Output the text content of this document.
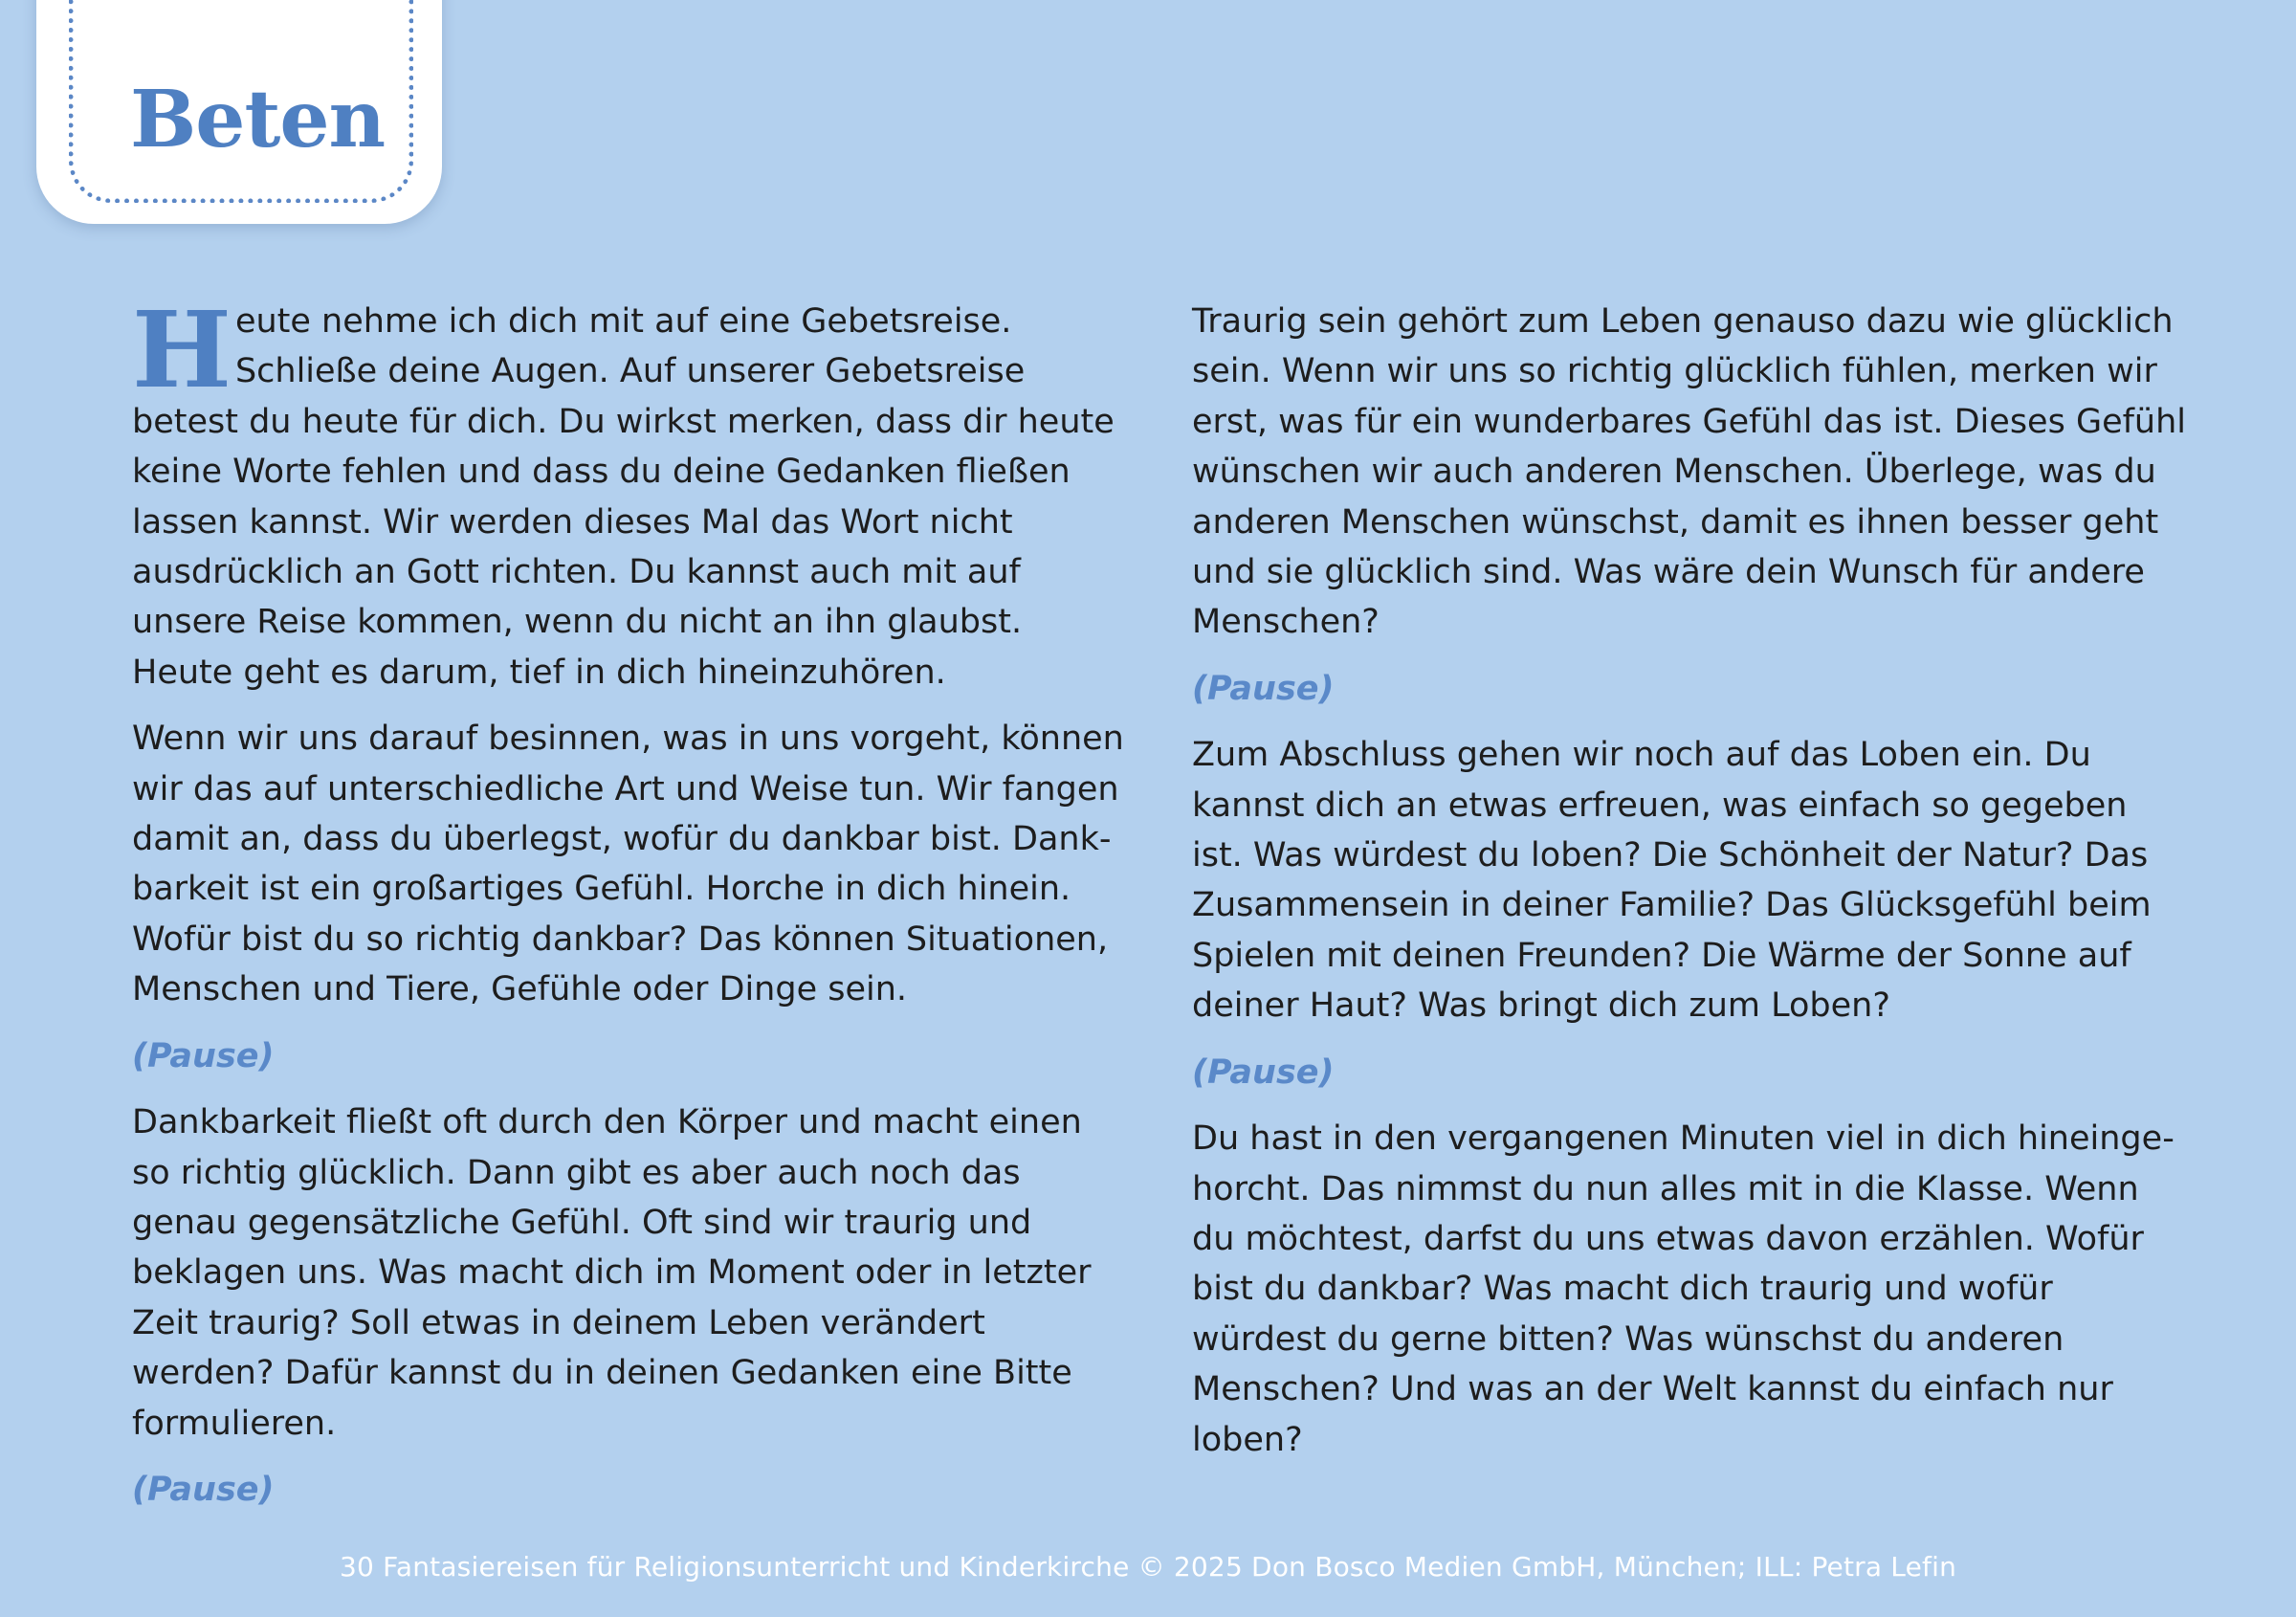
Beten

Heute nehme ich dich mit auf eine Gebetsreise. Schließe deine Augen. Auf unserer Gebetsreise betest du heute für dich. Du wirkst merken, dass dir heute keine Worte fehlen und dass du deine Gedanken fließen lassen kannst. Wir werden dieses Mal das Wort nicht ausdrücklich an Gott richten. Du kannst auch mit auf unsere Reise kommen, wenn du nicht an ihn glaubst. Heute geht es darum, tief in dich hineinzuhören.

Wenn wir uns darauf besinnen, was in uns vorgeht, können wir das auf unterschiedliche Art und Weise tun. Wir fangen damit an, dass du überlegst, wofür du dankbar bist. Dankbarkeit ist ein großartiges Gefühl. Horche in dich hinein. Wofür bist du so richtig dankbar? Das können Situationen, Menschen und Tiere, Gefühle oder Dinge sein.

(Pause)

Dankbarkeit fließt oft durch den Körper und macht einen so richtig glücklich. Dann gibt es aber auch noch das genau gegensätzliche Gefühl. Oft sind wir traurig und beklagen uns. Was macht dich im Moment oder in letzter Zeit traurig? Soll etwas in deinem Leben verändert werden? Dafür kannst du in deinen Gedanken eine Bitte formulieren.

(Pause)

Traurig sein gehört zum Leben genauso dazu wie glücklich sein. Wenn wir uns so richtig glücklich fühlen, merken wir erst, was für ein wunderbares Gefühl das ist. Dieses Gefühl wünschen wir auch anderen Menschen. Überlege, was du anderen Menschen wünschst, damit es ihnen besser geht und sie glücklich sind. Was wäre dein Wunsch für andere Menschen?

(Pause)

Zum Abschluss gehen wir noch auf das Loben ein. Du kannst dich an etwas erfreuen, was einfach so gegeben ist. Was würdest du loben? Die Schönheit der Natur? Das Zusammensein in deiner Familie? Das Glücksgefühl beim Spielen mit deinen Freunden? Die Wärme der Sonne auf deiner Haut? Was bringt dich zum Loben?

(Pause)

Du hast in den vergangenen Minuten viel in dich hineingehorcht. Das nimmst du nun alles mit in die Klasse. Wenn du möchtest, darfst du uns etwas davon erzählen. Wofür bist du dankbar? Was macht dich traurig und wofür würdest du gerne bitten? Was wünschst du anderen Menschen? Und was an der Welt kannst du einfach nur loben?

30 Fantasiereisen für Religionsunterricht und Kinderkirche © 2025 Don Bosco Medien GmbH, München; ILL: Petra Lefin
